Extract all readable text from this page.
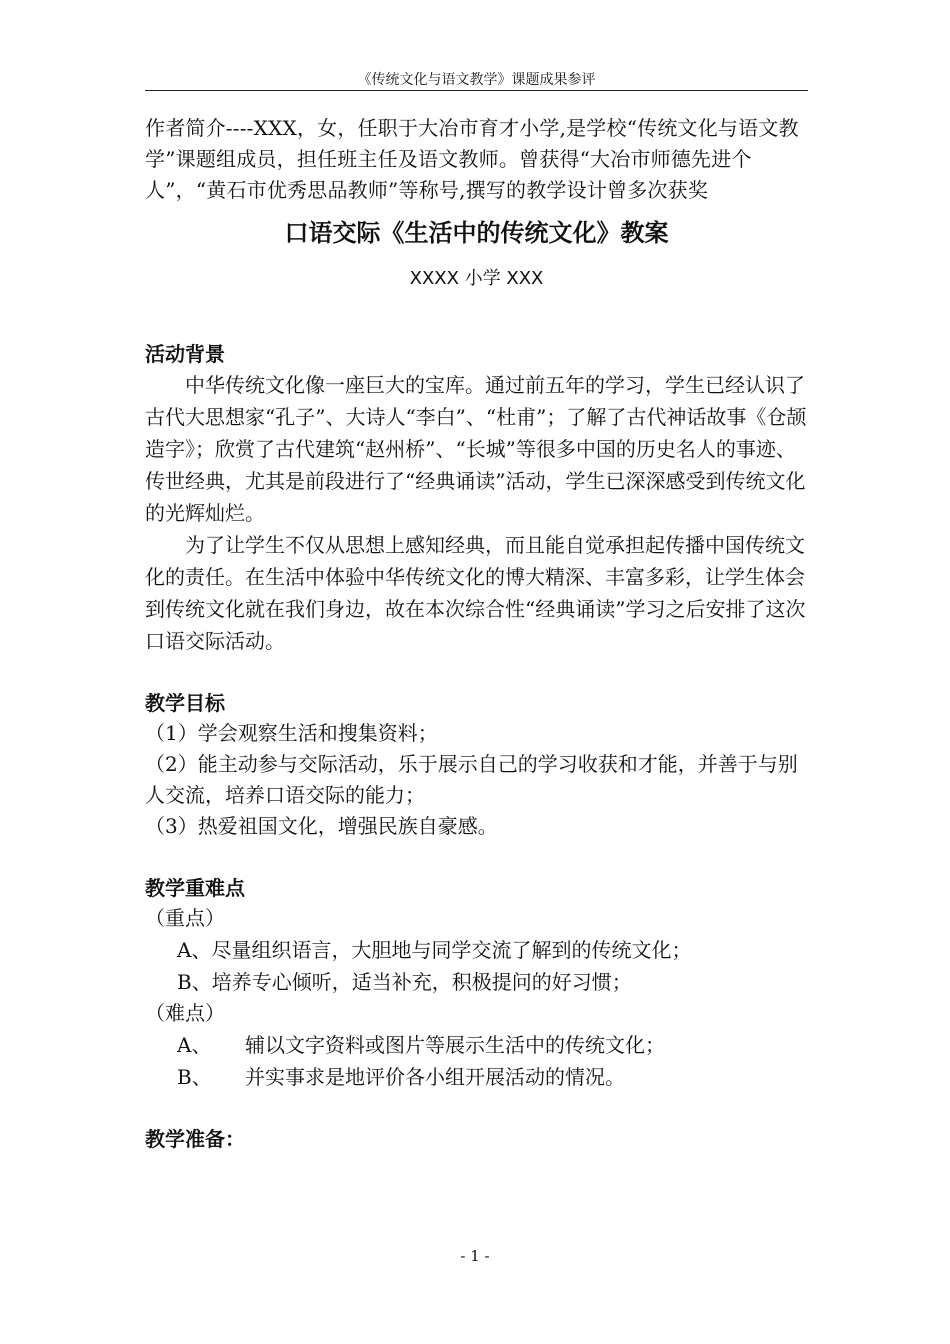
《传统文化与语文教学》课题成果参评

作者简介----XXX，女，任职于大冶市育才小学,是学校“传统文化与语文教学”课题组成员，担任班主任及语文教师。曾获得“大冶市师德先进个人”，“黄石市优秀思品教师”等称号,撰写的教学设计曾多次获奖

口语交际《生活中的传统文化》教案
XXXX 小学 XXX
活动背景

中华传统文化像一座巨大的宝库。通过前五年的学习，学生已经认识了古代大思想家“孔子”、大诗人“李白”、“杜甫”；了解了古代神话故事《仓颉造字》；欣赏了古代建筑“赵州桥”、“长城”等很多中国的历史名人的事迹、传世经典，尤其是前段进行了“经典诵读”活动，学生已深深感受到传统文化的光辉灿烂。

为了让学生不仅从思想上感知经典，而且能自觉承担起传播中国传统文化的责任。在生活中体验中华传统文化的博大精深、丰富多彩，让学生体会到传统文化就在我们身边，故在本次综合性“经典诵读”学习之后安排了这次口语交际活动。

教学目标

（1）学会观察生活和搜集资料；

（2）能主动参与交际活动，乐于展示自己的学习收获和才能，并善于与别人交流，培养口语交际的能力；

（3）热爱祖国文化，增强民族自豪感。

教学重难点

（重点）

A、尽量组织语言，大胆地与同学交流了解到的传统文化；

B、培养专心倾听，适当补充，积极提问的好习惯；

（难点）

A、 辅以文字资料或图片等展示生活中的传统文化；

B、 并实事求是地评价各小组开展活动的情况。

教学准备：
- 1 -
